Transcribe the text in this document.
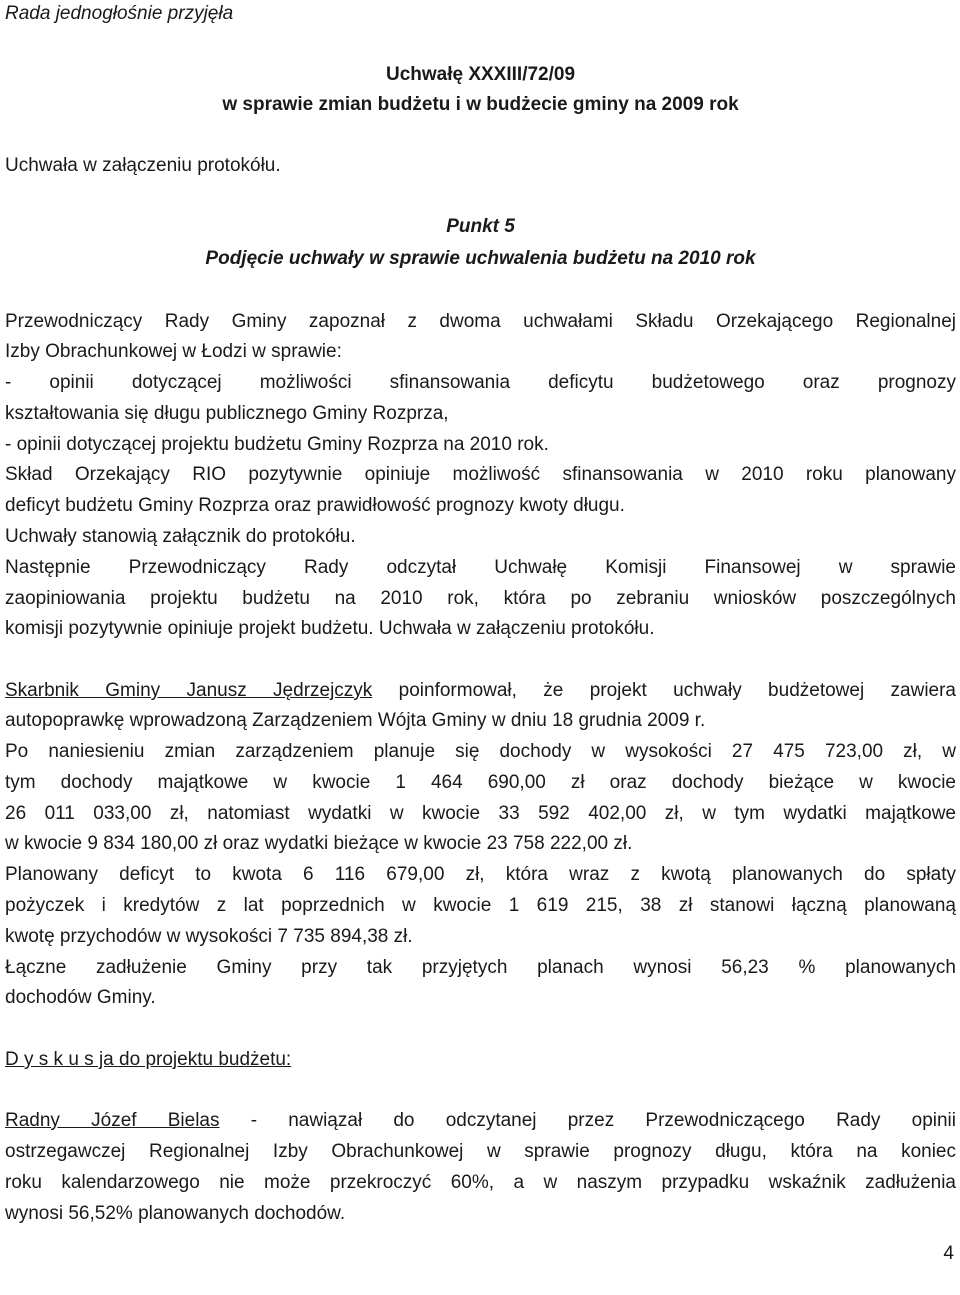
Rada jednogłośnie przyjęła
Uchwałę XXXIII/72/09
w sprawie zmian budżetu i w budżecie gminy na 2009 rok
Uchwała w załączeniu protokółu.
Punkt 5
Podjęcie uchwały w sprawie uchwalenia budżetu na 2010 rok
Przewodniczący Rady Gminy zapoznał z dwoma uchwałami Składu Orzekającego Regionalnej
Izby Obrachunkowej w Łodzi w sprawie:
- opinii dotyczącej możliwości sfinansowania deficytu budżetowego oraz prognozy
kształtowania się długu publicznego Gminy Rozprza,
- opinii dotyczącej projektu budżetu Gminy Rozprza na 2010 rok.
Skład Orzekający RIO pozytywnie opiniuje możliwość sfinansowania w 2010 roku planowany
deficyt budżetu Gminy Rozprza oraz prawidłowość prognozy kwoty długu.
Uchwały stanowią załącznik do protokółu.
Następnie Przewodniczący Rady odczytał Uchwałę Komisji Finansowej w sprawie
zaopiniowania projektu budżetu na 2010 rok, która po zebraniu wniosków poszczególnych
komisji pozytywnie opiniuje projekt budżetu. Uchwała w załączeniu protokółu.
Skarbnik Gminy Janusz Jędrzejczyk poinformował, że projekt uchwały budżetowej zawiera
autopoprawkę wprowadzoną Zarządzeniem Wójta Gminy w dniu 18 grudnia 2009 r.
Po naniesieniu zmian zarządzeniem planuje się dochody w wysokości 27 475 723,00 zł, w
tym dochody majątkowe w kwocie 1 464 690,00 zł oraz dochody bieżące w kwocie
26 011 033,00 zł, natomiast wydatki w kwocie 33 592 402,00 zł, w tym wydatki majątkowe
w kwocie 9 834 180,00 zł oraz wydatki bieżące w kwocie 23 758 222,00 zł.
Planowany deficyt to kwota 6 116 679,00 zł, która wraz z kwotą planowanych do spłaty
pożyczek i kredytów z lat poprzednich w kwocie 1 619 215, 38 zł stanowi łączną planowaną
kwotę przychodów w wysokości 7 735 894,38 zł.
Łączne zadłużenie Gminy przy tak przyjętych planach wynosi 56,23 % planowanych
dochodów Gminy.
D y s k u s ja do projektu budżetu:
Radny Józef Bielas - nawiązał do odczytanej przez Przewodniczącego Rady opinii
ostrzegawczej Regionalnej Izby Obrachunkowej w sprawie prognozy długu, która na koniec
roku kalendarzowego nie może przekroczyć 60%, a w naszym przypadku wskaźnik zadłużenia
wynosi 56,52% planowanych dochodów.
4
